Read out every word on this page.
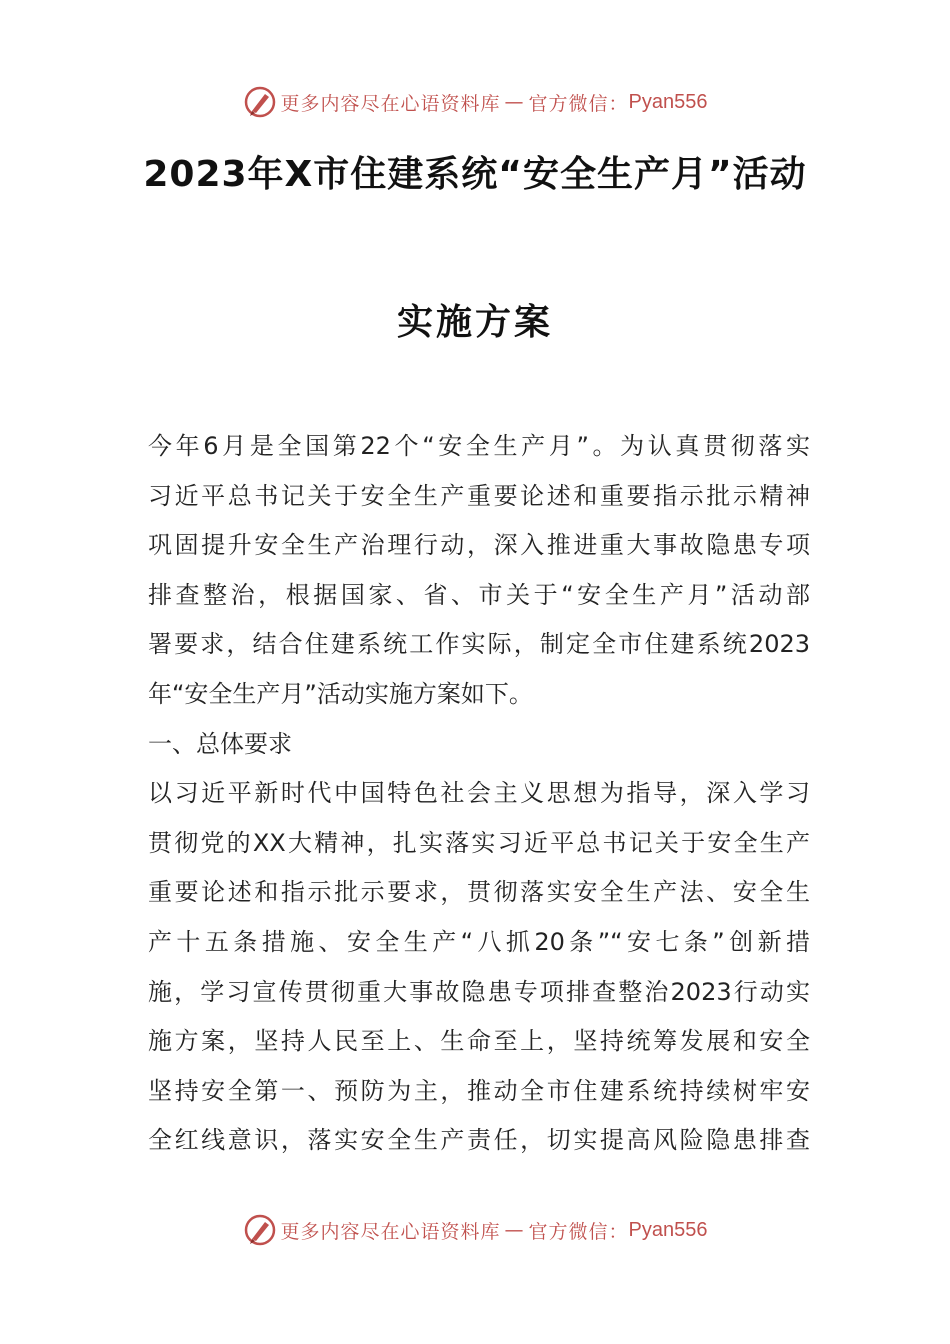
更多内容尽在心语资料库 — 官方微信： Pyan556
2023年X市住建系统“安全生产月”活动
实施方案
今年6月是全国第22个“安全生产月”。为认真贯彻落实
习近平总书记关于安全生产重要论述和重要指示批示精神
巩固提升安全生产治理行动，深入推进重大事故隐患专项
排查整治，根据国家、省、市关于“安全生产月”活动部
署要求，结合住建系统工作实际，制定全市住建系统2023
年“安全生产月”活动实施方案如下。
一、总体要求
以习近平新时代中国特色社会主义思想为指导，深入学习
贯彻党的XX大精神，扎实落实习近平总书记关于安全生产
重要论述和指示批示要求，贯彻落实安全生产法、安全生
产十五条措施、安全生产“八抓20条”“安七条”创新措
施，学习宣传贯彻重大事故隐患专项排查整治2023行动实
施方案，坚持人民至上、生命至上，坚持统筹发展和安全
坚持安全第一、预防为主，推动全市住建系统持续树牢安
全红线意识，落实安全生产责任，切实提高风险隐患排查
更多内容尽在心语资料库 — 官方微信： Pyan556
